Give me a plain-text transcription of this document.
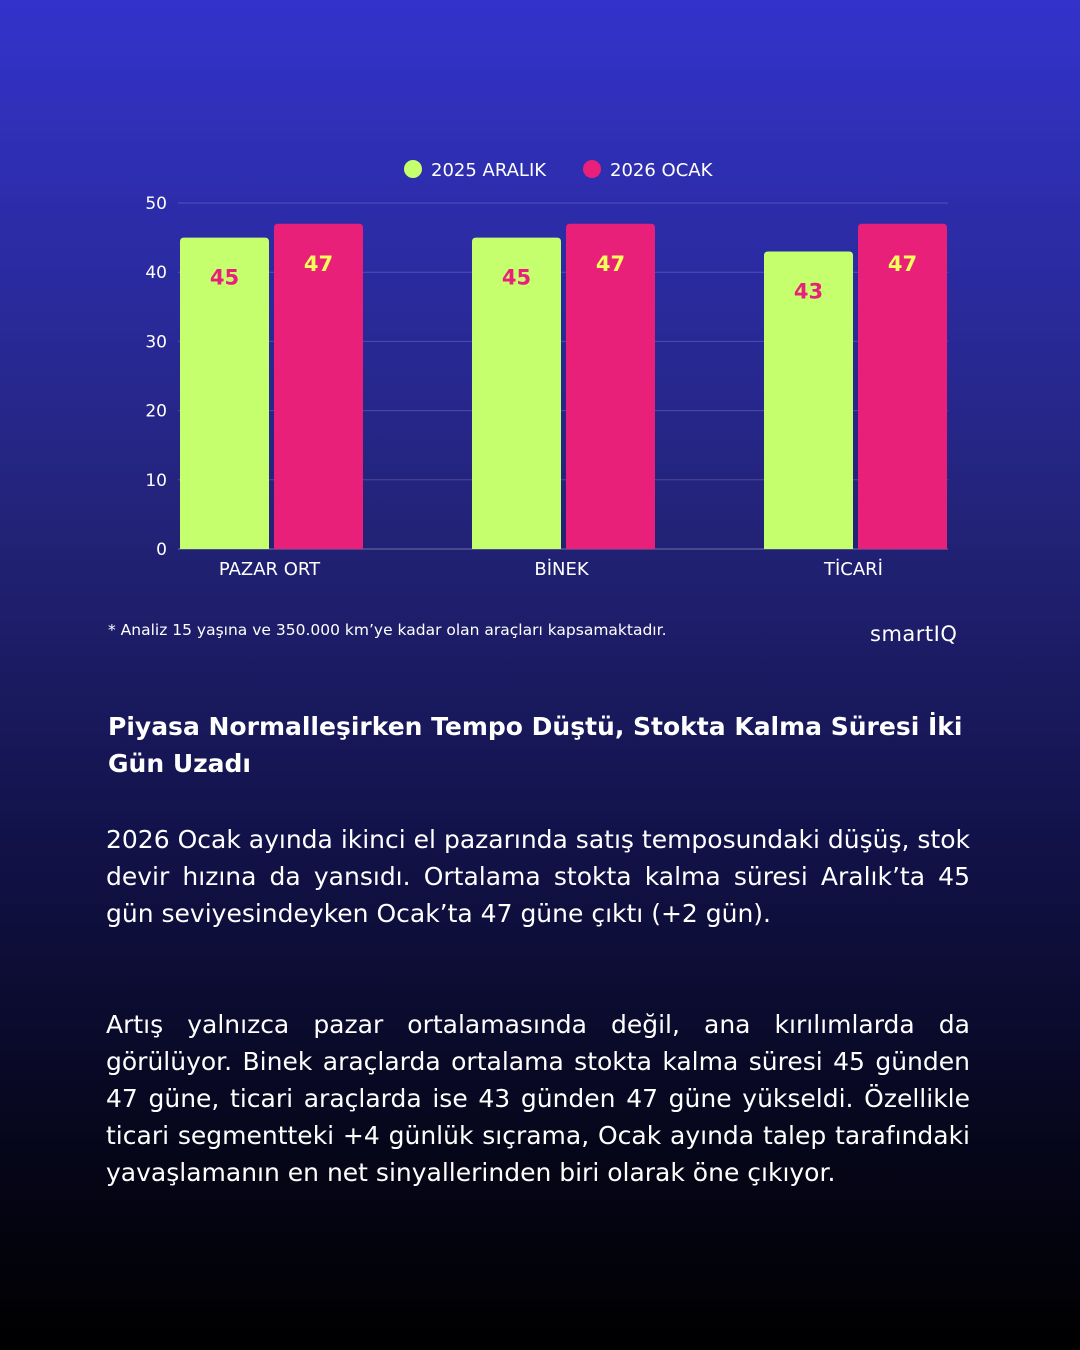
2025 ARALIK	2026 OCAK
0
10
20
30
40
50
45
47
45
47
43
47
PAZAR ORT	BİNEK	TİCARİ
* Analiz 15 yaşına ve 350.000 km’ye kadar olan araçları kapsamaktadır.	smartIQ
Piyasa Normalleşirken Tempo Düştü, Stokta Kalma Süresi İki Gün Uzadı
2026 Ocak ayında ikinci el pazarında satış temposundaki düşüş, stok devir hızına da yansıdı. Ortalama stokta kalma süresi Aralık’ta 45 gün seviyesindeyken Ocak’ta 47 güne çıktı (+2 gün).
Artış yalnızca pazar ortalamasında değil, ana kırılımlarda da görülüyor. Binek araçlarda ortalama stokta kalma süresi 45 günden 47 güne, ticari araçlarda ise 43 günden 47 güne yükseldi. Özellikle ticari segmentteki +4 günlük sıçrama, Ocak ayında talep tarafındaki yavaşlamanın en net sinyallerinden biri olarak öne çıkıyor.
